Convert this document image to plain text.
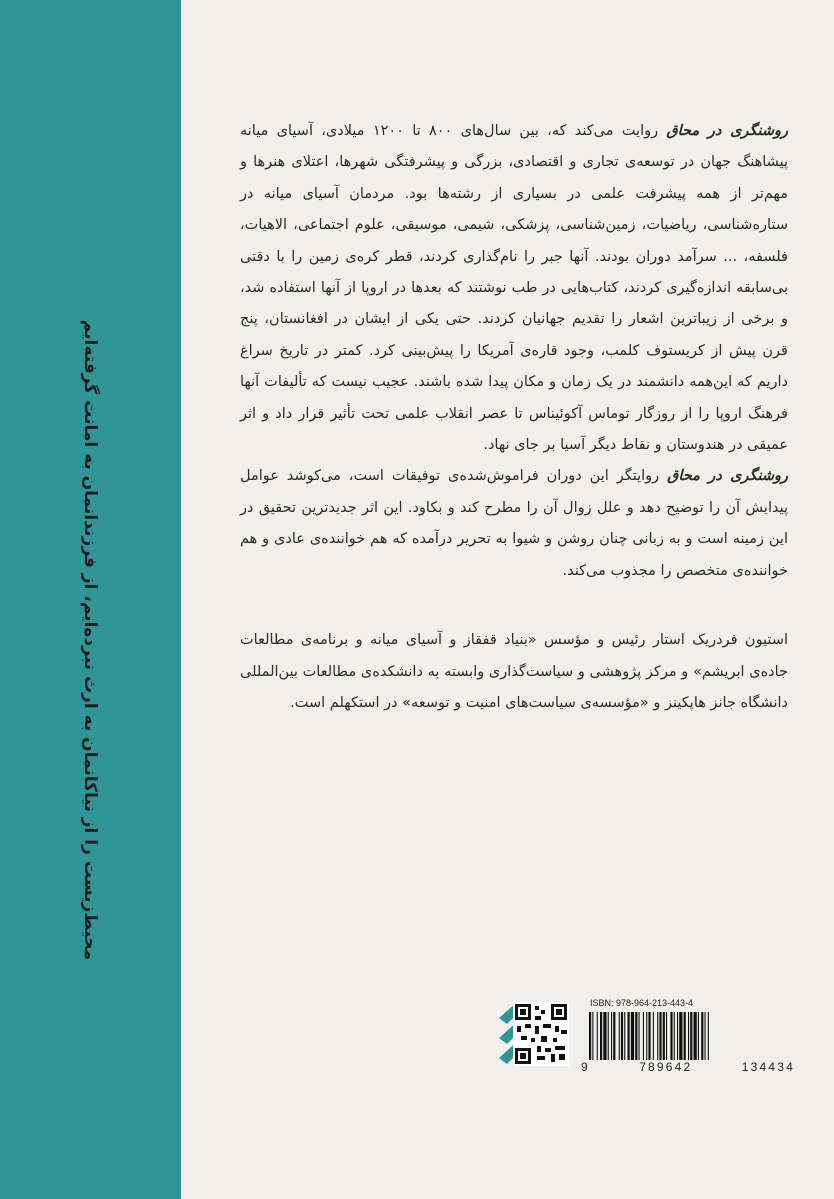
محیط‌زیست را از نیاکانمان به ارث نبرده‌ایم، از فرزندانمان به امانت گرفته‌ایم

روشنگری در محاق روایت می‌کند که، بین سال‌های ۸۰۰ تا ۱۲۰۰ میلادی، آسیای میانه پیشاهنگ جهان در توسعه‌ی تجاری و اقتصادی، بزرگی و پیشرفتگی شهرها، اعتلای هنرها و مهم‌تر از همه پیشرفت علمی در بسیاری از رشته‌ها بود. مردمان آسیای میانه در ستاره‌شناسی، ریاضیات، زمین‌شناسی، پزشکی، شیمی، موسیقی، علوم اجتماعی، الاهیات، فلسفه، ... سرآمد دوران بودند. آنها جبر را نام‌گذاری کردند، قطر کره‌ی زمین را با دقتی بی‌سابقه اندازه‌گیری کردند، کتاب‌هایی در طب نوشتند که بعدها در اروپا از آنها استفاده شد، و برخی از زیباترین اشعار را تقدیم جهانیان کردند. حتی یکی از ایشان در افغانستان، پنج قرن پیش از کریستوف کلمب، وجود قاره‌ی آمریکا را پیش‌بینی کرد. کمتر در تاریخ سراغ داریم که این‌همه دانشمند در یک زمان و مکان پیدا شده باشند. عجیب نیست که تألیفات آنها فرهنگ اروپا را از روزگار توماس آکوئیناس تا عصر انقلاب علمی تحت تأثیر قرار داد و اثر عمیقی در هندوستان و نقاط دیگر آسیا بر جای نهاد.

روشنگری در محاق روایتگر این دوران فراموش‌شده‌ی توفیقات است، می‌کوشد عوامل پیدایش آن را توضیح دهد و علل زوال آن را مطرح کند و بکاود. این اثر جدیدترین تحقیق در این زمینه است و به زبانی چنان روشن و شیوا به تحریر درآمده که هم خواننده‌ی عادی و هم خواننده‌ی متخصص را مجذوب می‌کند.

استیون فردریک استار رئیس و مؤسس «بنیاد قفقاز و آسیای میانه و برنامه‌ی مطالعات جاده‌ی ابریشم» و مرکز پژوهشی و سیاست‌گذاری وابسته به دانشکده‌ی مطالعات بین‌المللی دانشگاه جانز هاپکینز و «مؤسسه‌ی سیاست‌های امنیت و توسعه» در استکهلم است.

ISBN: 978-964-213-443-4
9	789642	134434
